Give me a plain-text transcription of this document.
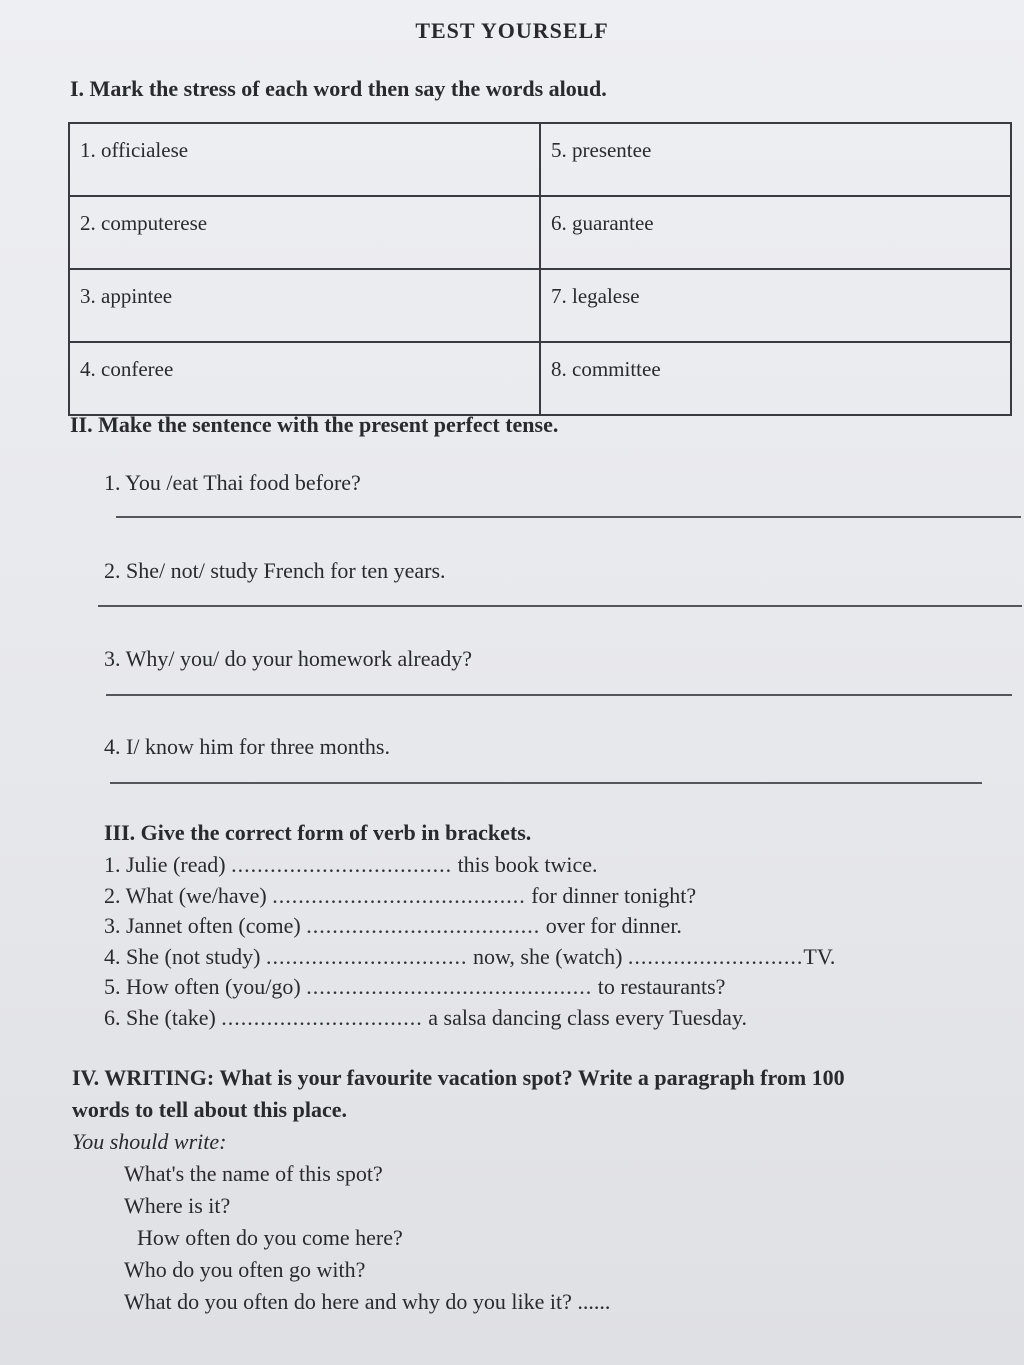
TEST YOURSELF
I. Mark the stress of each word then say the words aloud.
1. officialese	5. presentee
2. computerese	6. guarantee
3. appintee	7. legalese
4. conferee	8. committee
II. Make the sentence with the present perfect tense.
1. You /eat Thai food before?
2. She/ not/ study French for ten years.
3. Why/ you/ do your homework already?
4. I/ know him for three months.
III. Give the correct form of verb in brackets.
1. Julie (read)
..................................
this book twice.
2. What (we/have)
.......................................
for dinner tonight?
3. Jannet often (come)
....................................
over for dinner.
4. She (not study)
...............................
now, she (watch)
........................... TV.
5. How often (you/go)
............................................
to restaurants?
6. She (take)
...............................
a salsa dancing class every Tuesday.
IV. WRITING: What is your favourite vacation spot? Write a paragraph from 100
words to tell about this place.
You should write:
What's the name of this spot?
Where is it?
How often do you come here?
Who do you often go with?
What do you often do here and why do you like it? ......
